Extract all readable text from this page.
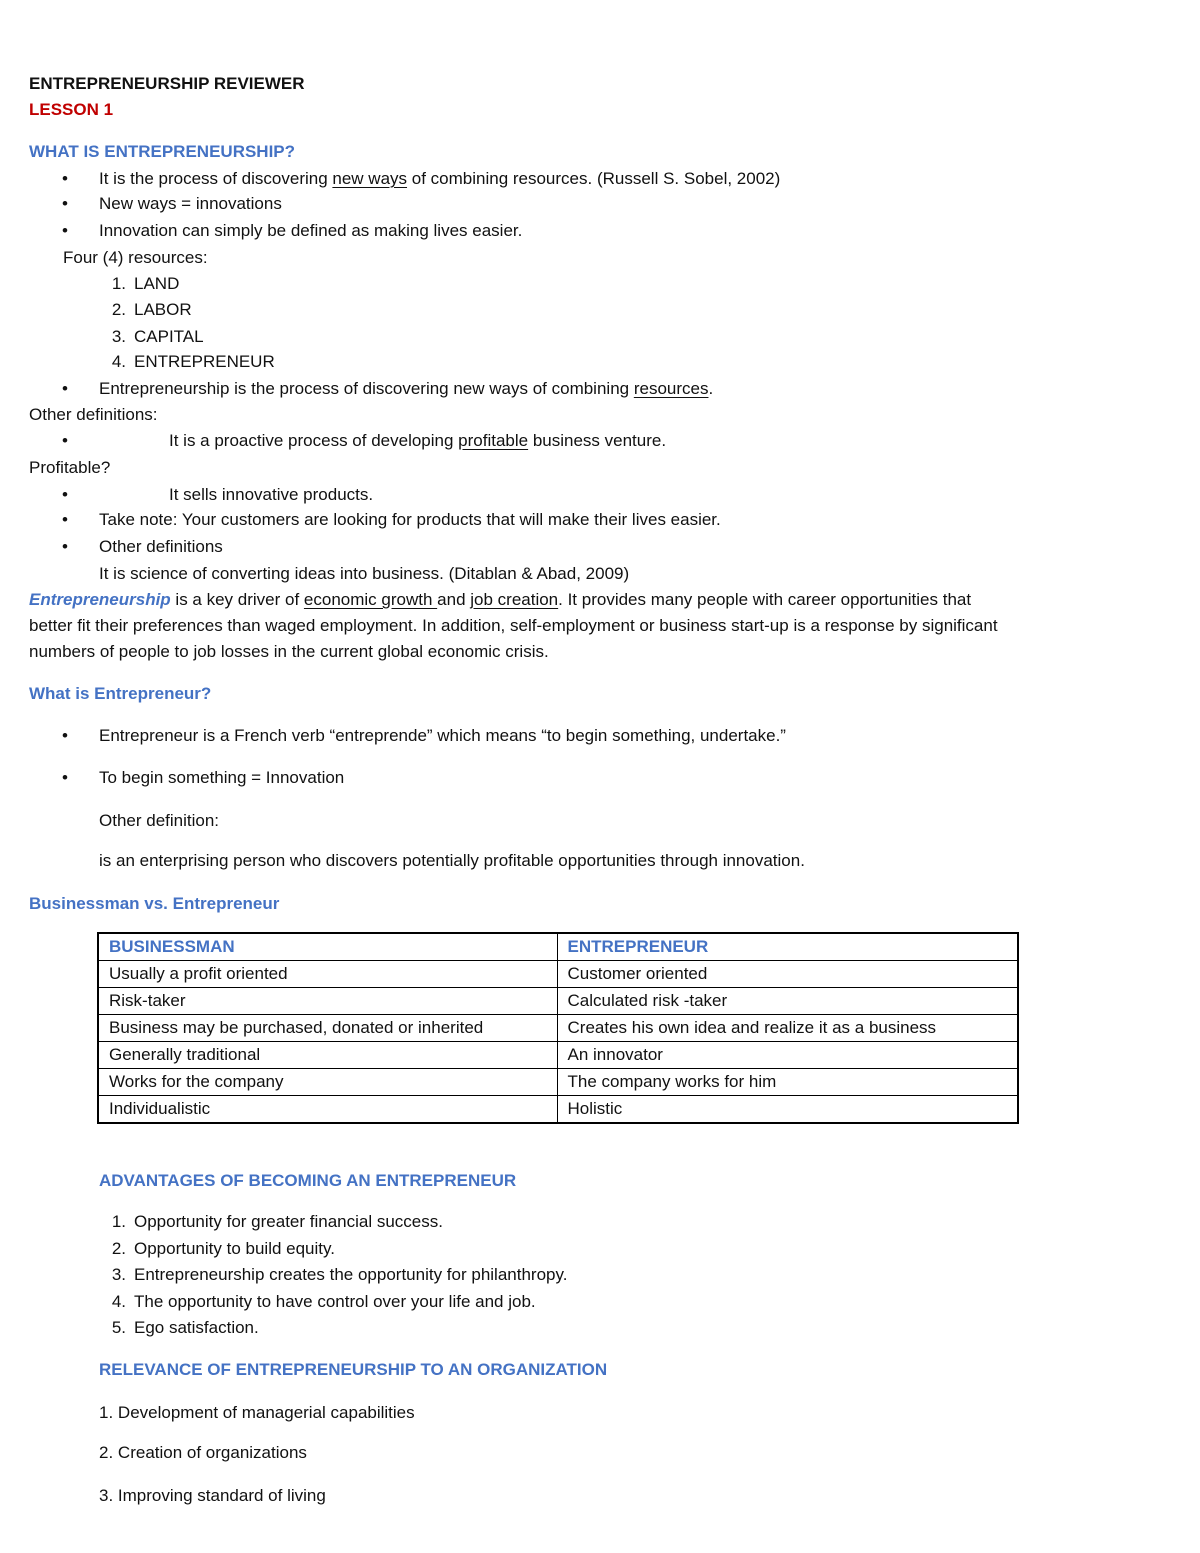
ENTREPRENEURSHIP REVIEWER
LESSON 1
WHAT IS ENTREPRENEURSHIP?
• It is the process of discovering new ways of combining resources. (Russell S. Sobel, 2002)
• New ways = innovations
• Innovation can simply be defined as making lives easier.
Four (4) resources:
1. LAND
2. LABOR
3. CAPITAL
4. ENTREPRENEUR
• Entrepreneurship is the process of discovering new ways of combining resources.
Other definitions:
•	It is a proactive process of developing profitable business venture.
Profitable?
•	It sells innovative products.
• Take note: Your customers are looking for products that will make their lives easier.
• Other definitions
It is science of converting ideas into business. (Ditablan & Abad, 2009)
Entrepreneurship is a key driver of economic growth and job creation. It provides many people with career opportunities that
better fit their preferences than waged employment. In addition, self-employment or business start-up is a response by significant
numbers of people to job losses in the current global economic crisis.
What is Entrepreneur?
• Entrepreneur is a French verb “entreprende” which means “to begin something, undertake.”
• To begin something = Innovation
Other definition:
is an enterprising person who discovers potentially profitable opportunities through innovation.
Businessman vs. Entrepreneur
BUSINESSMAN	ENTREPRENEUR
Usually a profit oriented	Customer oriented
Risk-taker	Calculated risk -taker
Business may be purchased, donated or inherited	Creates his own idea and realize it as a business
Generally traditional	An innovator
Works for the company	The company works for him
Individualistic	Holistic
ADVANTAGES OF BECOMING AN ENTREPRENEUR
1. Opportunity for greater financial success.
2. Opportunity to build equity.
3. Entrepreneurship creates the opportunity for philanthropy.
4. The opportunity to have control over your life and job.
5. Ego satisfaction.
RELEVANCE OF ENTREPRENEURSHIP TO AN ORGANIZATION
1. Development of managerial capabilities
2. Creation of organizations
3. Improving standard of living
